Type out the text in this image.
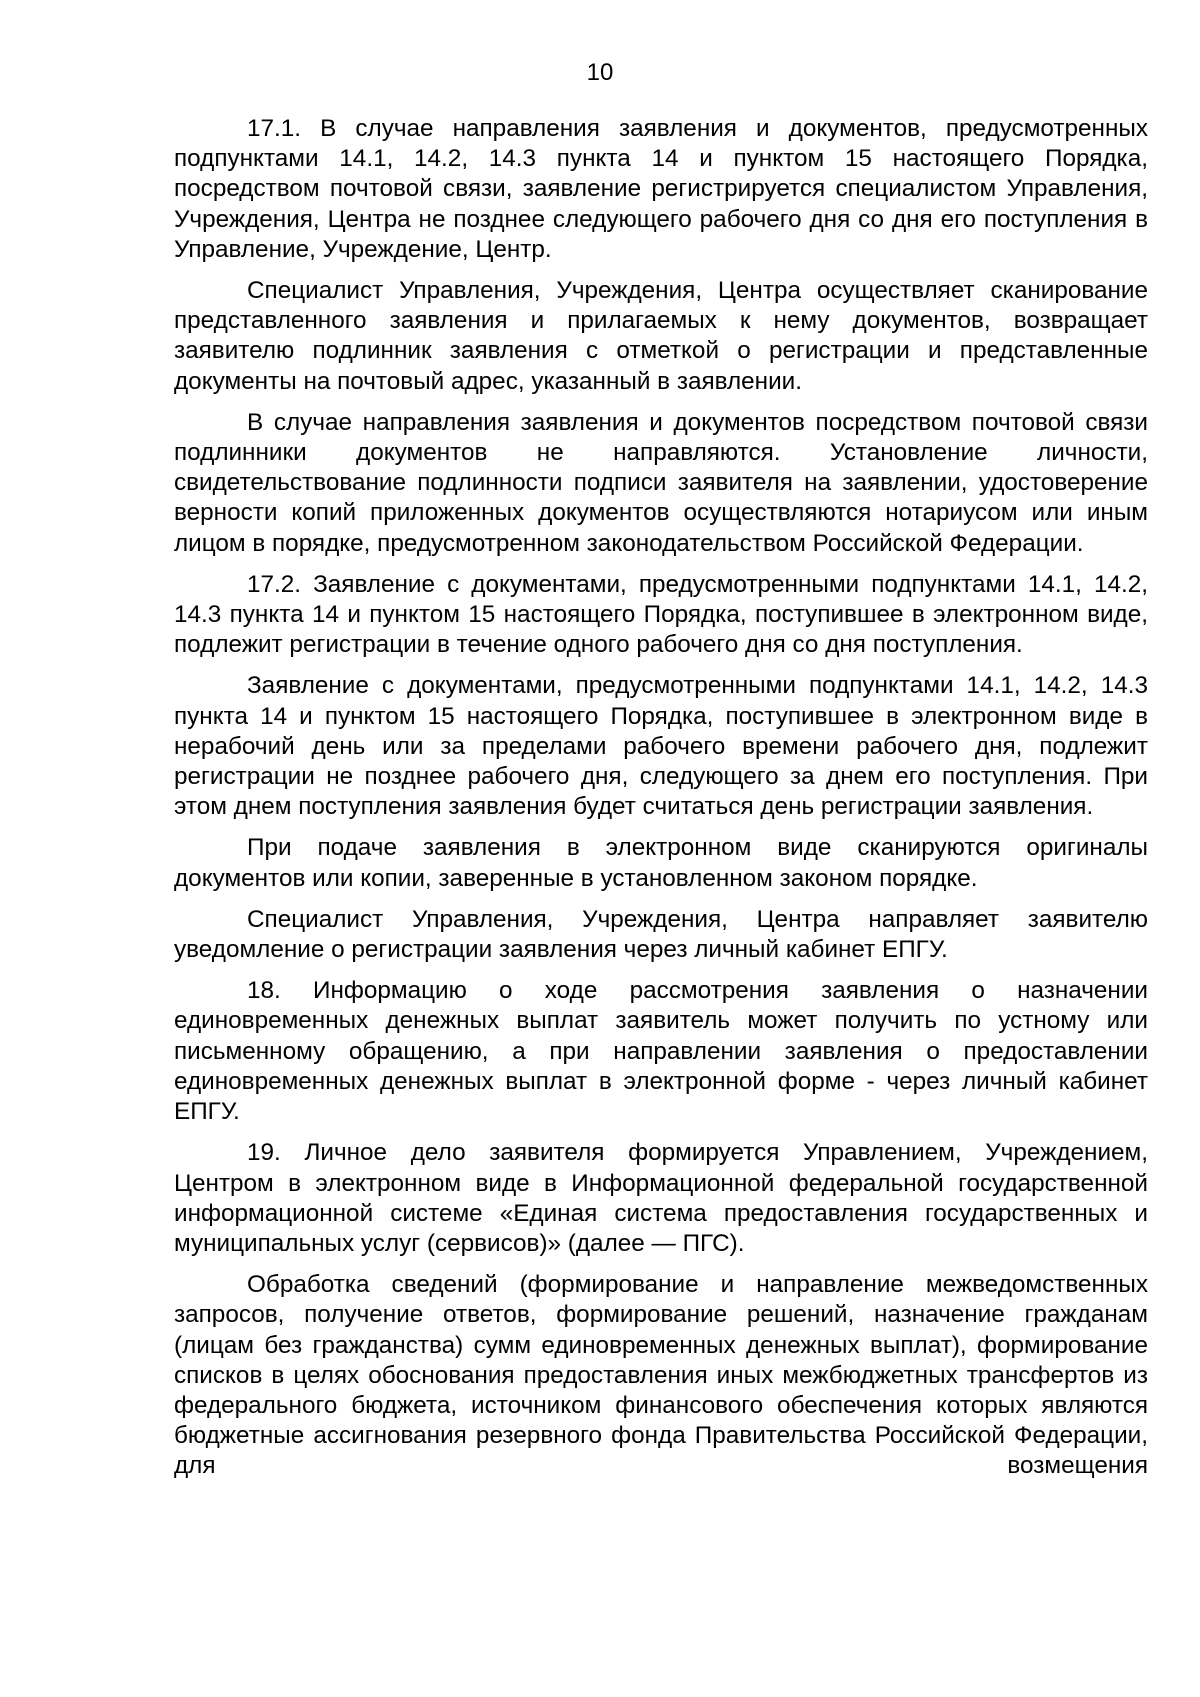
10

17.1. В случае направления заявления и документов, предусмотренных подпунктами 14.1, 14.2, 14.3 пункта 14 и пунктом 15 настоящего Порядка, посредством почтовой связи, заявление регистрируется специалистом Управления, Учреждения, Центра не позднее следующего рабочего дня со дня его поступления в Управление, Учреждение, Центр.

Специалист Управления, Учреждения, Центра осуществляет сканирование представленного заявления и прилагаемых к нему документов, возвращает заявителю подлинник заявления с отметкой о регистрации и представленные документы на почтовый адрес, указанный в заявлении.

В случае направления заявления и документов посредством почтовой связи подлинники документов не направляются. Установление личности, свидетельствование подлинности подписи заявителя на заявлении, удостоверение верности копий приложенных документов осуществляются нотариусом или иным лицом в порядке, предусмотренном законодательством Российской Федерации.

17.2. Заявление с документами, предусмотренными подпунктами 14.1, 14.2, 14.3 пункта 14 и пунктом 15 настоящего Порядка, поступившее в электронном виде, подлежит регистрации в течение одного рабочего дня со дня поступления.

Заявление с документами, предусмотренными подпунктами 14.1, 14.2, 14.3 пункта 14 и пунктом 15 настоящего Порядка, поступившее в электронном виде в нерабочий день или за пределами рабочего времени рабочего дня, подлежит регистрации не позднее рабочего дня, следующего за днем его поступления. При этом днем поступления заявления будет считаться день регистрации заявления.

При подаче заявления в электронном виде сканируются оригиналы документов или копии, заверенные в установленном законом порядке.

Специалист Управления, Учреждения, Центра направляет заявителю уведомление о регистрации заявления через личный кабинет ЕПГУ.

18. Информацию о ходе рассмотрения заявления о назначении единовременных денежных выплат заявитель может получить по устному или письменному обращению, а при направлении заявления о предоставлении единовременных денежных выплат в электронной форме - через личный кабинет ЕПГУ.

19. Личное дело заявителя формируется Управлением, Учреждением, Центром в электронном виде в Информационной федеральной государственной информационной системе «Единая система предоставления государственных и муниципальных услуг (сервисов)» (далее — ПГС).

Обработка сведений (формирование и направление межведомственных запросов, получение ответов, формирование решений, назначение гражданам (лицам без гражданства) сумм единовременных денежных выплат), формирование списков в целях обоснования предоставления иных межбюджетных трансфертов из федерального бюджета, источником финансового обеспечения которых являются бюджетные ассигнования резервного фонда Правительства Российской Федерации, для возмещения
